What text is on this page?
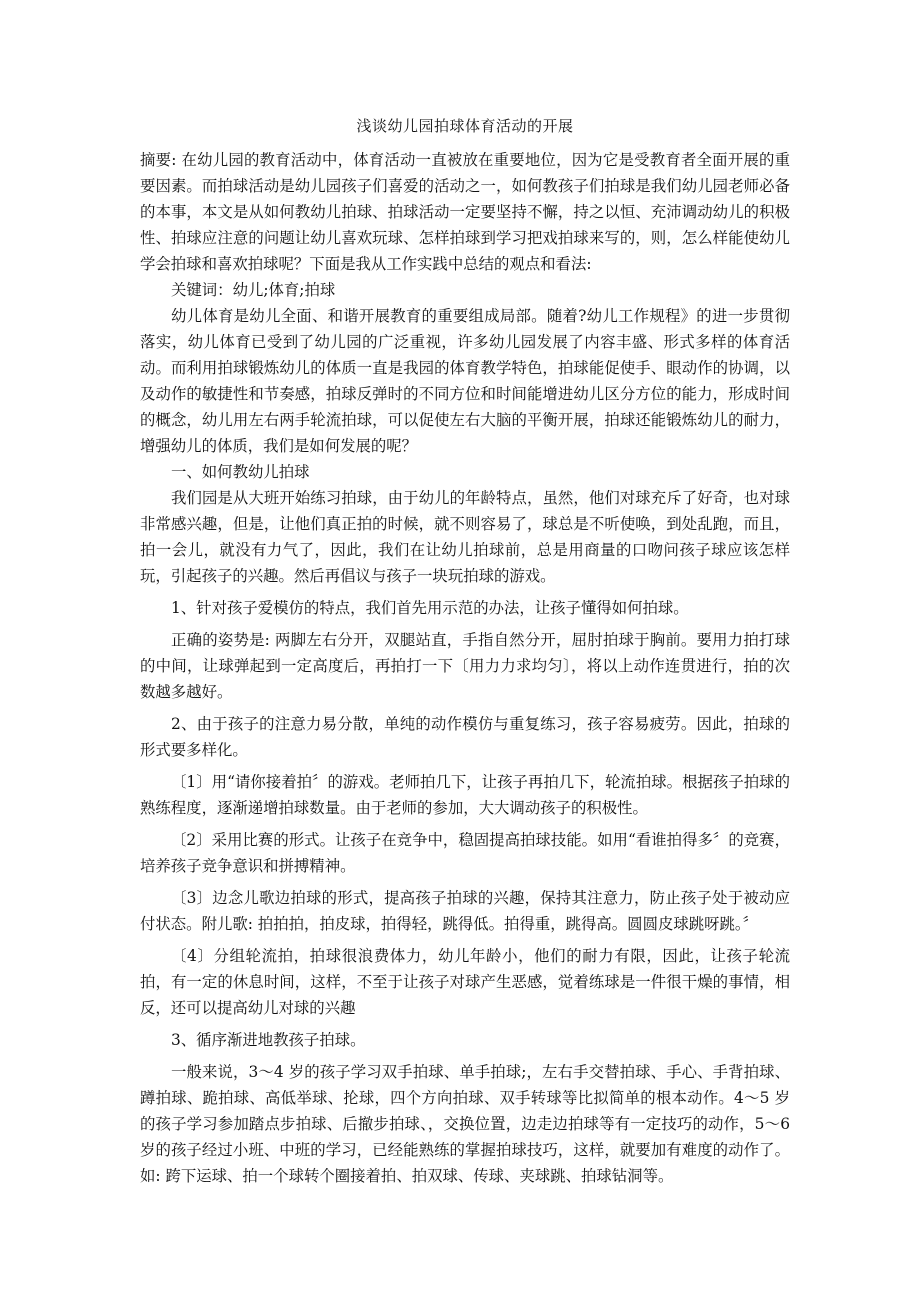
浅谈幼儿园拍球体育活动的开展

摘要: 在幼儿园的教育活动中，体育活动一直被放在重要地位，因为它是受教育者全面开展的重要因素。而拍球活动是幼儿园孩子们喜爱的活动之一，如何教孩子们拍球是我们幼儿园老师必备的本事，本文是从如何教幼儿拍球、拍球活动一定要坚持不懈，持之以恒、充沛调动幼儿的积极性、拍球应注意的问题让幼儿喜欢玩球、怎样拍球到学习把戏拍球来写的，则，怎么样能使幼儿学会拍球和喜欢拍球呢？下面是我从工作实践中总结的观点和看法:

关键词：幼儿;体育;拍球

幼儿体育是幼儿全面、和谐开展教育的重要组成局部。随着?幼儿工作规程》的进一步贯彻落实，幼儿体育已受到了幼儿园的广泛重视，许多幼儿园发展了内容丰盛、形式多样的体育活动。而利用拍球锻炼幼儿的体质一直是我园的体育教学特色，拍球能促使手、眼动作的协调，以及动作的敏捷性和节奏感，拍球反弹时的不同方位和时间能增进幼儿区分方位的能力，形成时间的概念，幼儿用左右两手轮流拍球，可以促使左右大脑的平衡开展，拍球还能锻炼幼儿的耐力，增强幼儿的体质，我们是如何发展的呢？

一、如何教幼儿拍球

我们园是从大班开始练习拍球，由于幼儿的年龄特点，虽然，他们对球充斥了好奇，也对球非常感兴趣，但是，让他们真正拍的时候，就不则容易了，球总是不听使唤，到处乱跑，而且，拍一会儿，就没有力气了，因此，我们在让幼儿拍球前，总是用商量的口吻问孩子球应该怎样玩，引起孩子的兴趣。然后再倡议与孩子一块玩拍球的游戏。

1、针对孩子爱模仿的特点，我们首先用示范的办法，让孩子懂得如何拍球。

正确的姿势是: 两脚左右分开，双腿站直，手指自然分开，屈肘拍球于胸前。要用力拍打球的中间，让球弹起到一定高度后，再拍打一下〔用力力求均匀〕，将以上动作连贯进行，拍的次数越多越好。

2、由于孩子的注意力易分散，单纯的动作模仿与重复练习，孩子容易疲劳。因此，拍球的形式要多样化。

〔1〕用“请你接着拍〞的游戏。老师拍几下，让孩子再拍几下，轮流拍球。根据孩子拍球的熟练程度，逐渐递增拍球数量。由于老师的参加，大大调动孩子的积极性。

〔2〕采用比赛的形式。让孩子在竞争中，稳固提高拍球技能。如用“看谁拍得多〞的竞赛，培养孩子竞争意识和拼搏精神。

〔3〕边念儿歌边拍球的形式，提高孩子拍球的兴趣，保持其注意力，防止孩子处于被动应付状态。附儿歌: 拍拍拍，拍皮球，拍得轻，跳得低。拍得重，跳得高。圆圆皮球跳呀跳。〞

〔4〕分组轮流拍，拍球很浪费体力，幼儿年龄小，他们的耐力有限，因此，让孩子轮流拍，有一定的休息时间，这样，不至于让孩子对球产生恶感，觉着练球是一件很干燥的事情，相反，还可以提高幼儿对球的兴趣

3、循序渐进地教孩子拍球。

一般来说，3～4 岁的孩子学习双手拍球、单手拍球;，左右手交替拍球、手心、手背拍球、蹲拍球、跪拍球、高低举球、抡球，四个方向拍球、双手转球等比拟简单的根本动作。4～5 岁的孩子学习参加踏点步拍球、后撤步拍球、，交换位置，边走边拍球等有一定技巧的动作，5～6 岁的孩子经过小班、中班的学习，已经能熟练的掌握拍球技巧，这样，就要加有难度的动作了。如: 跨下运球、拍一个球转个圈接着拍、拍双球、传球、夹球跳、拍球钻洞等。
